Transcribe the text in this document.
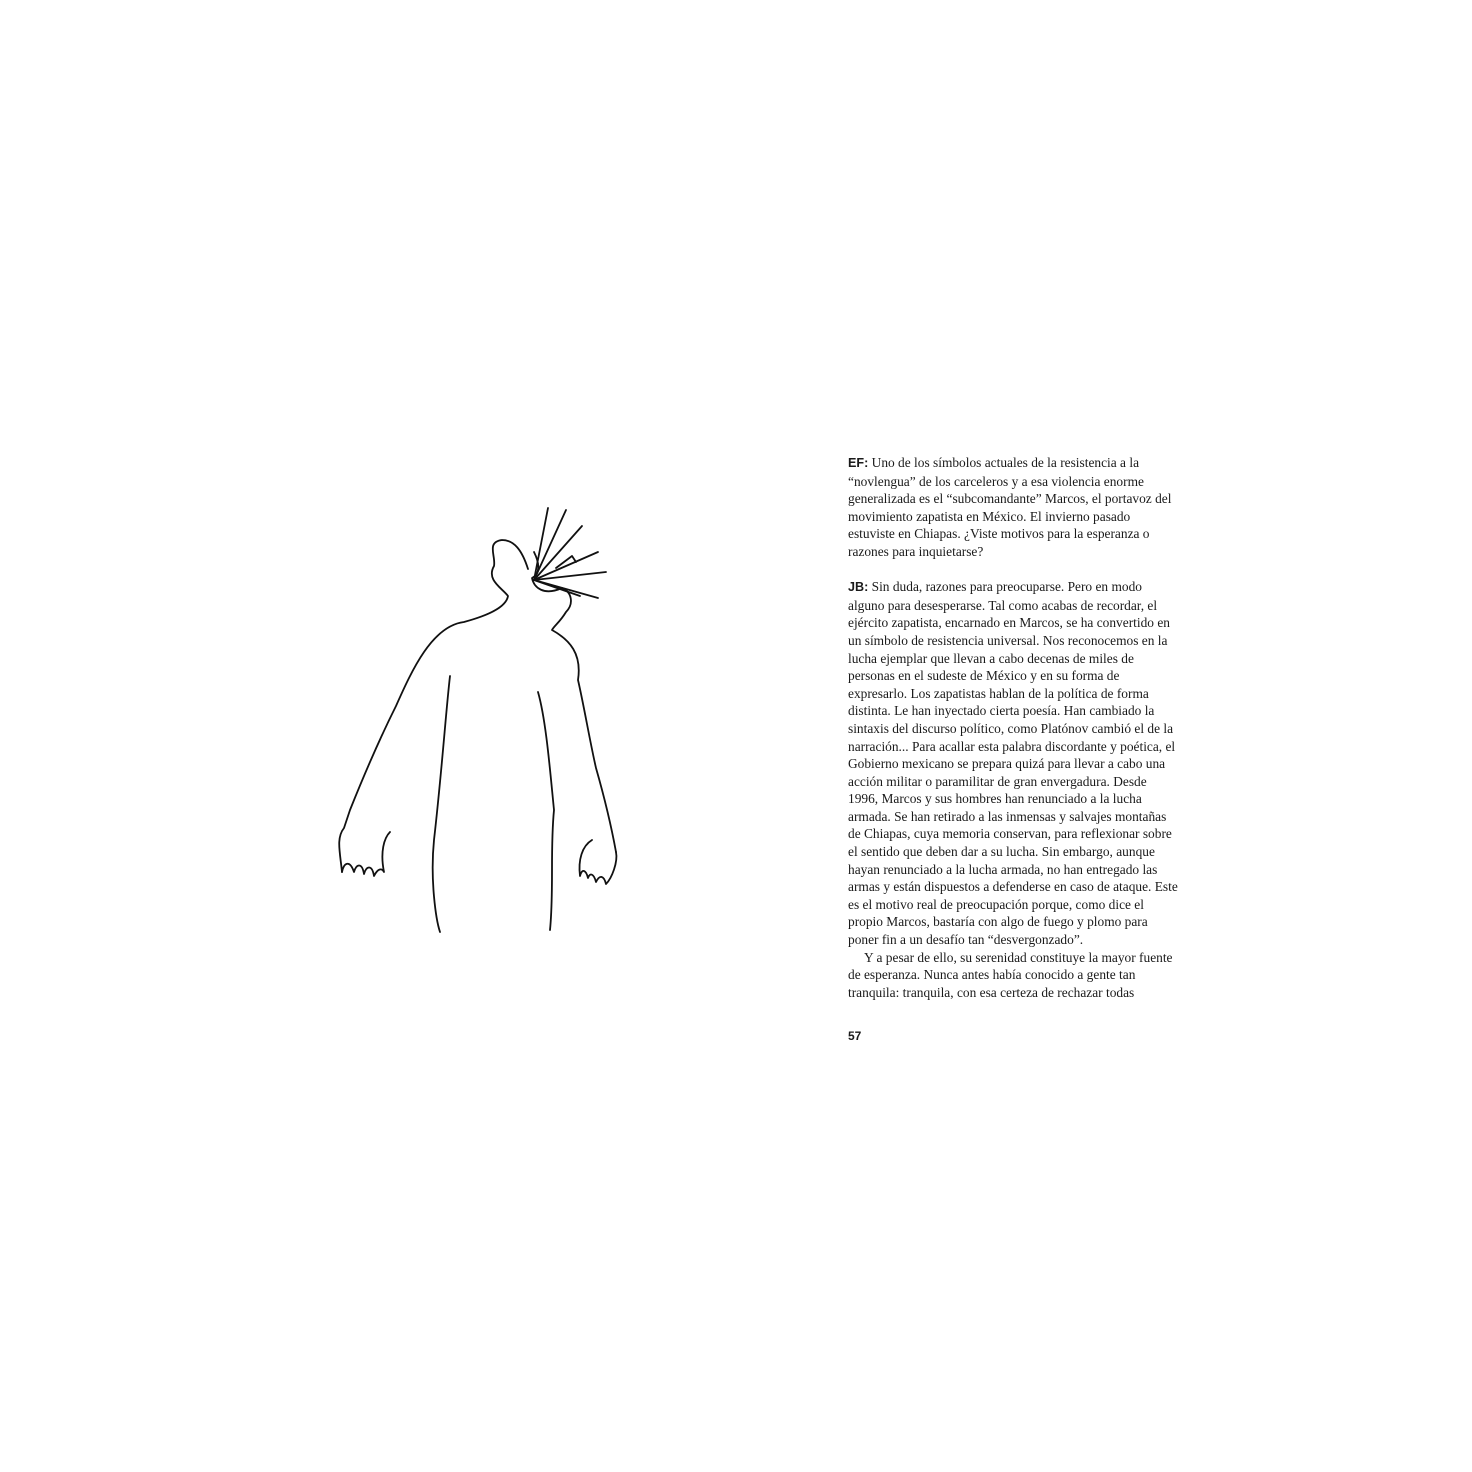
EF: Uno de los símbolos actuales de la resistencia a la “novlengua” de los carceleros y a esa violencia enorme generalizada es el “subcomandante” Marcos, el portavoz del movimiento zapatista en México. El invierno pasado estuviste en Chiapas. ¿Viste motivos para la esperanza o razones para inquietarse?

JB: Sin duda, razones para preocuparse. Pero en modo alguno para desesperarse. Tal como acabas de recordar, el ejército zapatista, encarnado en Marcos, se ha convertido en un símbolo de resistencia universal. Nos reconocemos en la lucha ejemplar que llevan a cabo decenas de miles de personas en el sudeste de México y en su forma de expresarlo. Los zapatistas hablan de la política de forma distinta. Le han inyectado cierta poesía. Han cambiado la sintaxis del discurso político, como Platónov cambió el de la narración... Para acallar esta palabra discordante y poética, el Gobierno mexicano se prepara quizá para llevar a cabo una acción militar o paramilitar de gran envergadura. Desde 1996, Marcos y sus hombres han renunciado a la lucha armada. Se han retirado a las inmensas y salvajes montañas de Chiapas, cuya memoria conservan, para reflexionar sobre el sentido que deben dar a su lucha. Sin embargo, aunque hayan renunciado a la lucha armada, no han entregado las armas y están dispuestos a defenderse en caso de ataque. Este es el motivo real de preocupación porque, como dice el propio Marcos, bastaría con algo de fuego y plomo para poner fin a un desafío tan “desvergonzado”.

Y a pesar de ello, su serenidad constituye la mayor fuente de esperanza. Nunca antes había conocido a gente tan tranquila: tranquila, con esa certeza de rechazar todas

57
